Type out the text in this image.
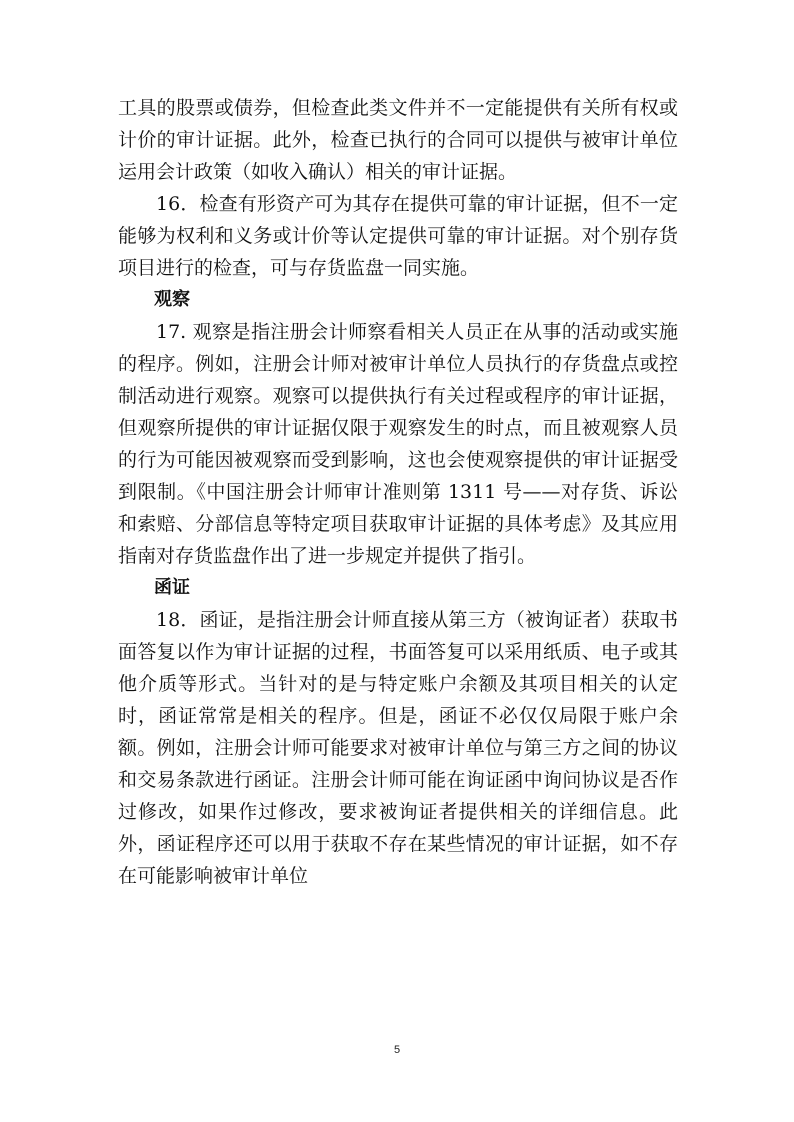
工具的股票或债券，但检查此类文件并不一定能提供有关所有权或计价的审计证据。此外，检查已执行的合同可以提供与被审计单位运用会计政策（如收入确认）相关的审计证据。

16．检查有形资产可为其存在提供可靠的审计证据，但不一定能够为权利和义务或计价等认定提供可靠的审计证据。对个别存货项目进行的检查，可与存货监盘一同实施。

观察

17. 观察是指注册会计师察看相关人员正在从事的活动或实施的程序。例如，注册会计师对被审计单位人员执行的存货盘点或控制活动进行观察。观察可以提供执行有关过程或程序的审计证据，但观察所提供的审计证据仅限于观察发生的时点，而且被观察人员的行为可能因被观察而受到影响，这也会使观察提供的审计证据受到限制。《中国注册会计师审计准则第 1311 号——对存货、诉讼和索赔、分部信息等特定项目获取审计证据的具体考虑》及其应用指南对存货监盘作出了进一步规定并提供了指引。

函证

18．函证，是指注册会计师直接从第三方（被询证者）获取书面答复以作为审计证据的过程，书面答复可以采用纸质、电子或其他介质等形式。当针对的是与特定账户余额及其项目相关的认定时，函证常常是相关的程序。但是，函证不必仅仅局限于账户余额。例如，注册会计师可能要求对被审计单位与第三方之间的协议和交易条款进行函证。注册会计师可能在询证函中询问协议是否作过修改，如果作过修改，要求被询证者提供相关的详细信息。此外，函证程序还可以用于获取不存在某些情况的审计证据，如不存在可能影响被审计单位

5
